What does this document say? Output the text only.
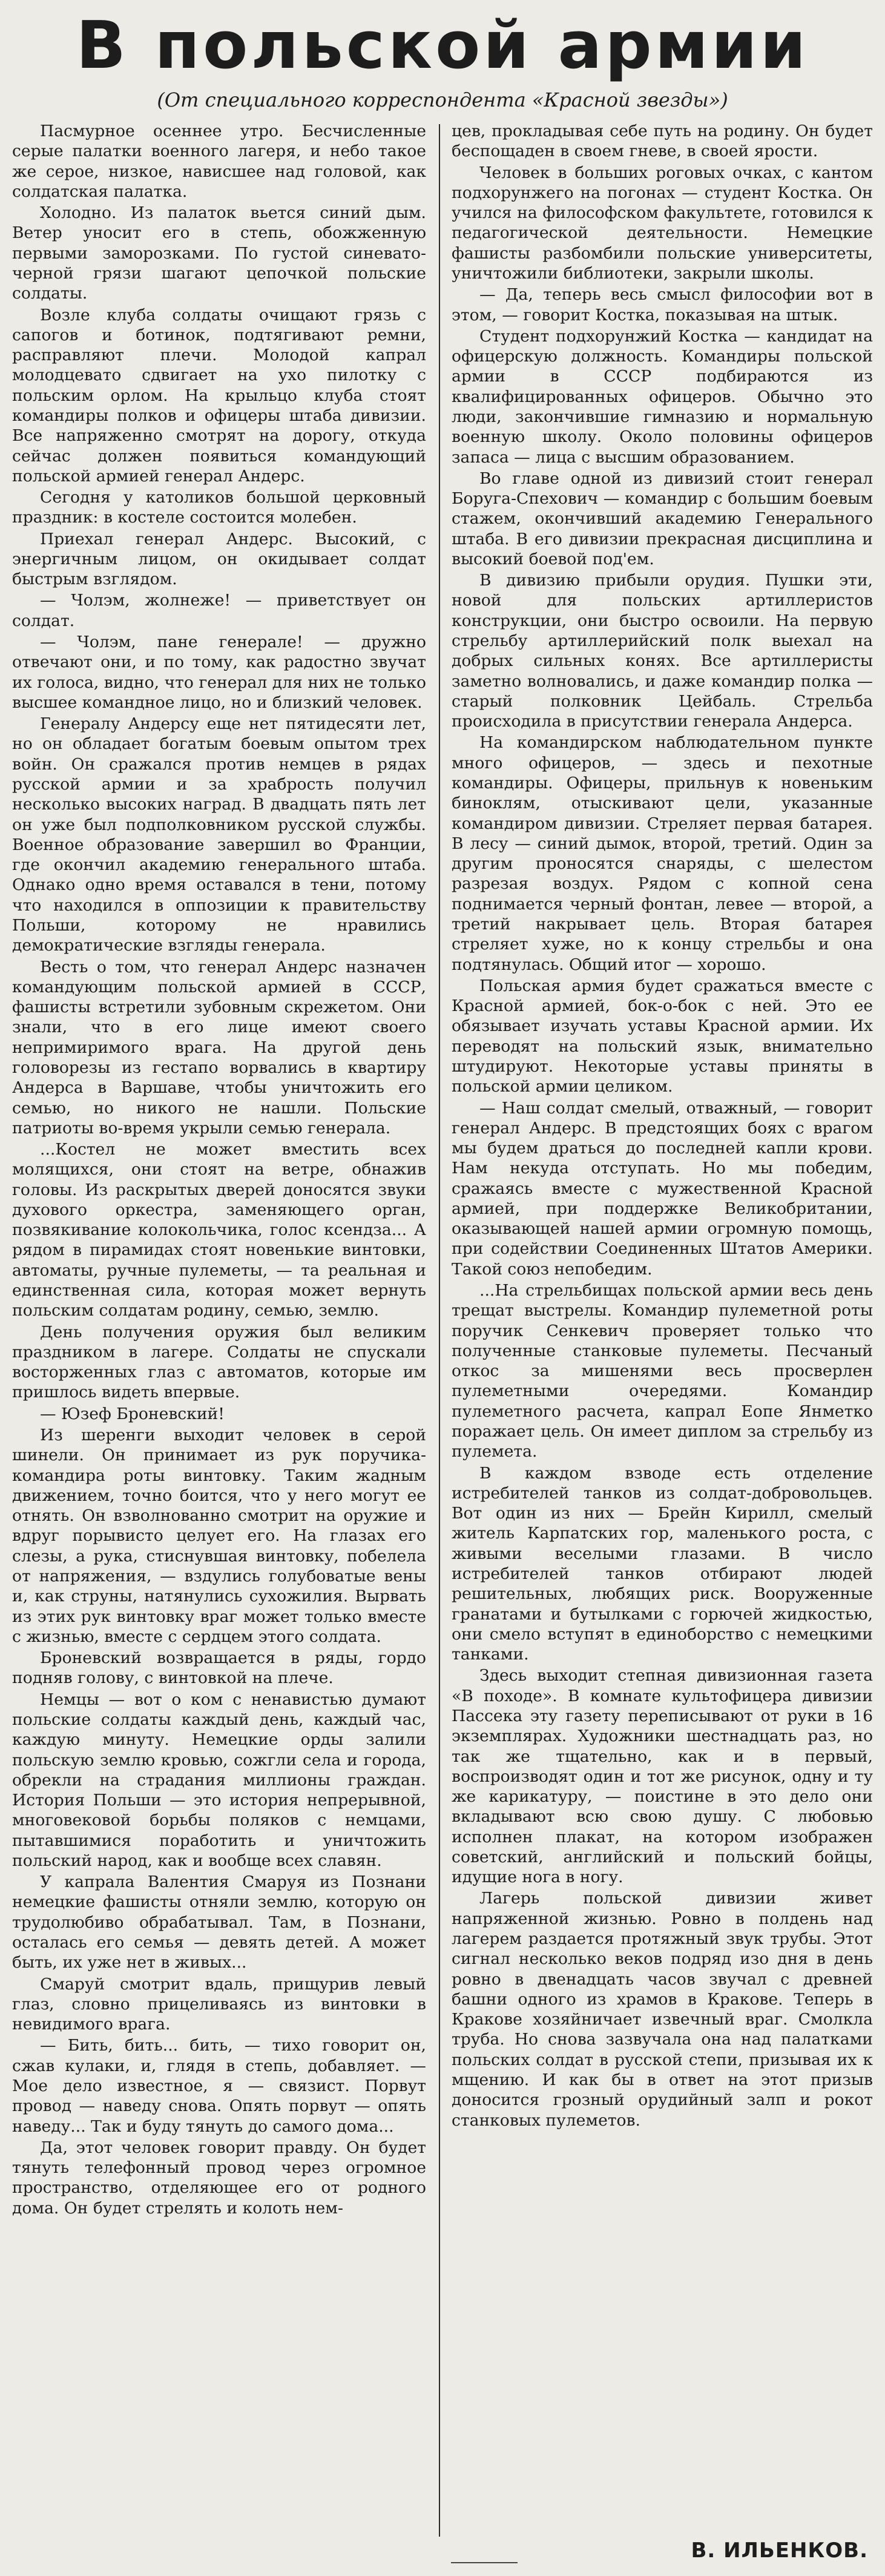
В польской армии
(От специального корреспондента «Красной звезды»)

Пасмурное осеннее утро. Бесчисленные серые палатки военного лагеря, и небо такое же серое, низкое, нависшее над головой, как солдатская палатка.

Холодно. Из палаток вьется синий дым. Ветер уносит его в степь, обожженную первыми заморозками. По густой синевато-черной грязи шагают цепочкой польские солдаты.

Возле клуба солдаты очищают грязь с сапогов и ботинок, подтягивают ремни, расправляют плечи. Молодой капрал молодцевато сдвигает на ухо пилотку с польским орлом. На крыльцо клуба стоят командиры полков и офицеры штаба дивизии. Все напряженно смотрят на дорогу, откуда сейчас должен появиться командующий польской армией генерал Андерс.

Сегодня у католиков большой церковный праздник: в костеле состоится молебен.

Приехал генерал Андерс. Высокий, с энергичным лицом, он окидывает солдат быстрым взглядом.

— Чолэм, жолнеже! — приветствует он солдат.

— Чолэм, пане генерале! — дружно отвечают они, и по тому, как радостно звучат их голоса, видно, что генерал для них не только высшее командное лицо, но и близкий человек.

Генералу Андерсу еще нет пятидесяти лет, но он обладает богатым боевым опытом трех войн. Он сражался против немцев в рядах русской армии и за храбрость получил несколько высоких наград. В двадцать пять лет он уже был подполковником русской службы. Военное образование завершил во Франции, где окончил академию генерального штаба. Однако одно время оставался в тени, потому что находился в оппозиции к правительству Польши, которому не нравились демократические взгляды генерала.

Весть о том, что генерал Андерс назначен командующим польской армией в СССР, фашисты встретили зубовным скрежетом. Они знали, что в его лице имеют своего непримиримого врага. На другой день головорезы из гестапо ворвались в квартиру Андерса в Варшаве, чтобы уничтожить его семью, но никого не нашли. Польские патриоты во-время укрыли семью генерала.

...Костел не может вместить всех молящихся, они стоят на ветре, обнажив головы. Из раскрытых дверей доносятся звуки духового оркестра, заменяющего орган, позвякивание колокольчика, голос ксендза... А рядом в пирамидах стоят новенькие винтовки, автоматы, ручные пулеметы, — та реальная и единственная сила, которая может вернуть польским солдатам родину, семью, землю.

День получения оружия был великим праздником в лагере. Солдаты не спускали восторженных глаз с автоматов, которые им пришлось видеть впервые.

— Юзеф Броневский!

Из шеренги выходит человек в серой шинели. Он принимает из рук поручика-командира роты винтовку. Таким жадным движением, точно боится, что у него могут ее отнять. Он взволнованно смотрит на оружие и вдруг порывисто целует его. На глазах его слезы, а рука, стиснувшая винтовку, побелела от напряжения, — вздулись голубоватые вены и, как струны, натянулись сухожилия. Вырвать из этих рук винтовку враг может только вместе с жизнью, вместе с сердцем этого солдата.

Броневский возвращается в ряды, гордо подняв голову, с винтовкой на плече.

Немцы — вот о ком с ненавистью думают польские солдаты каждый день, каждый час, каждую минуту. Немецкие орды залили польскую землю кровью, сожгли села и города, обрекли на страдания миллионы граждан. История Польши — это история непрерывной, многовековой борьбы поляков с немцами, пытавшимися поработить и уничтожить польский народ, как и вообще всех славян.

У капрала Валентия Смаруя из Познани немецкие фашисты отняли землю, которую он трудолюбиво обрабатывал. Там, в Познани, осталась его семья — девять детей. А может быть, их уже нет в живых...

Смаруй смотрит вдаль, прищурив левый глаз, словно прицеливаясь из винтовки в невидимого врага.

— Бить, бить... бить, — тихо говорит он, сжав кулаки, и, глядя в степь, добавляет. — Мое дело известное, я — связист. Порвут провод — наведу снова. Опять порвут — опять наведу... Так и буду тянуть до самого дома...

Да, этот человек говорит правду. Он будет тянуть телефонный провод через огромное пространство, отделяющее его от родного дома. Он будет стрелять и колоть нем-

цев, прокладывая себе путь на родину. Он будет беспощаден в своем гневе, в своей ярости.

Человек в больших роговых очках, с кантом подхорунжего на погонах — студент Костка. Он учился на философском факультете, готовился к педагогической деятельности. Немецкие фашисты разбомбили польские университеты, уничтожили библиотеки, закрыли школы.

— Да, теперь весь смысл философии вот в этом, — говорит Костка, показывая на штык.

Студент подхорунжий Костка — кандидат на офицерскую должность. Командиры польской армии в СССР подбираются из квалифицированных офицеров. Обычно это люди, закончившие гимназию и нормальную военную школу. Около половины офицеров запаса — лица с высшим образованием.

Во главе одной из дивизий стоит генерал Боруга-Спехович — командир с большим боевым стажем, окончивший академию Генерального штаба. В его дивизии прекрасная дисциплина и высокий боевой под'ем.

В дивизию прибыли орудия. Пушки эти, новой для польских артиллеристов конструкции, они быстро освоили. На первую стрельбу артиллерийский полк выехал на добрых сильных конях. Все артиллеристы заметно волновались, и даже командир полка — старый полковник Цейбаль. Стрельба происходила в присутствии генерала Андерса.

На командирском наблюдательном пункте много офицеров, — здесь и пехотные командиры. Офицеры, прильнув к новеньким биноклям, отыскивают цели, указанные командиром дивизии. Стреляет первая батарея. В лесу — синий дымок, второй, третий. Один за другим проносятся снаряды, с шелестом разрезая воздух. Рядом с копной сена поднимается черный фонтан, левее — второй, а третий накрывает цель. Вторая батарея стреляет хуже, но к концу стрельбы и она подтянулась. Общий итог — хорошо.

Польская армия будет сражаться вместе с Красной армией, бок-о-бок с ней. Это ее обязывает изучать уставы Красной армии. Их переводят на польский язык, внимательно штудируют. Некоторые уставы приняты в польской армии целиком.

— Наш солдат смелый, отважный, — говорит генерал Андерс. В предстоящих боях с врагом мы будем драться до последней капли крови. Нам некуда отступать. Но мы победим, сражаясь вместе с мужественной Красной армией, при поддержке Великобритании, оказывающей нашей армии огромную помощь, при содействии Соединенных Штатов Америки. Такой союз непобедим.

...На стрельбищах польской армии весь день трещат выстрелы. Командир пулеметной роты поручик Сенкевич проверяет только что полученные станковые пулеметы. Песчаный откос за мишенями весь просверлен пулеметными очередями. Командир пулеметного расчета, капрал Еопе Янметко поражает цель. Он имеет диплом за стрельбу из пулемета.

В каждом взводе есть отделение истребителей танков из солдат-добровольцев. Вот один из них — Брейн Кирилл, смелый житель Карпатских гор, маленького роста, с живыми веселыми глазами. В число истребителей танков отбирают людей решительных, любящих риск. Вооруженные гранатами и бутылками с горючей жидкостью, они смело вступят в единоборство с немецкими танками.

Здесь выходит степная дивизионная газета «В походе». В комнате культофицера дивизии Пассека эту газету переписывают от руки в 16 экземплярах. Художники шестнадцать раз, но так же тщательно, как и в первый, воспроизводят один и тот же рисунок, одну и ту же карикатуру, — поистине в это дело они вкладывают всю свою душу. С любовью исполнен плакат, на котором изображен советский, английский и польский бойцы, идущие нога в ногу.

Лагерь польской дивизии живет напряженной жизнью. Ровно в полдень над лагерем раздается протяжный звук трубы. Этот сигнал несколько веков подряд изо дня в день ровно в двенадцать часов звучал с древней башни одного из храмов в Кракове. Теперь в Кракове хозяйничает извечный враг. Смолкла труба. Но снова зазвучала она над палатками польских солдат в русской степи, призывая их к мщению. И как бы в ответ на этот призыв доносится грозный орудийный залп и рокот станковых пулеметов.

В. ИЛЬЕНКОВ.
